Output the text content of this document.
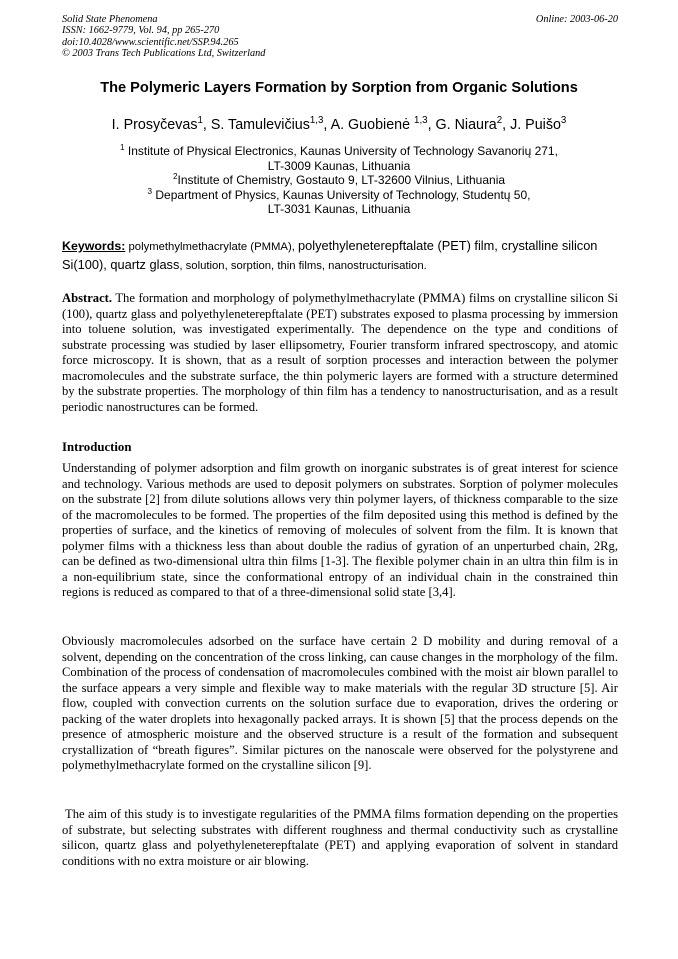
Solid State Phenomena
ISSN: 1662-9779, Vol. 94, pp 265-270
doi:10.4028/www.scientific.net/SSP.94.265
© 2003 Trans Tech Publications Ltd, Switzerland
Online: 2003-06-20
The Polymeric Layers Formation by Sorption from Organic Solutions
I. Prosyčevas$^1$, S. Tamulevičius$^{1,3}$, A. Guobienė $^{1,3}$, G. Niaura$^2$, J. Puišo$^3$
$^1$ Institute of Physical Electronics, Kaunas University of Technology Savanorių 271,
LT-3009 Kaunas, Lithuania
$^2$Institute of Chemistry, Gostauto 9, LT-32600 Vilnius, Lithuania
$^3$ Department of Physics, Kaunas University of Technology, Studentų 50,
LT-3031 Kaunas, Lithuania
Keywords: polymethylmethacrylate (PMMA), polyethyleneterepftalate (PET) film, crystalline silicon Si(100), quartz glass, solution, sorption, thin films, nanostructurisation.
Abstract. The formation and morphology of polymethylmethacrylate (PMMA) films on crystalline silicon Si (100), quartz glass and polyethyleneterepftalate (PET) substrates exposed to plasma processing by immersion into toluene solution, was investigated experimentally. The dependence on the type and conditions of substrate processing was studied by laser ellipsometry, Fourier transform infrared spectroscopy, and atomic force microscopy. It is shown, that as a result of sorption processes and interaction between the polymer macromolecules and the substrate surface, the thin polymeric layers are formed with a structure determined by the substrate properties. The morphology of thin film has a tendency to nanostructurisation, and as a result periodic nanostructures can be formed.
Introduction
Understanding of polymer adsorption and film growth on inorganic substrates is of great interest for science and technology. Various methods are used to deposit polymers on substrates. Sorption of polymer molecules on the substrate [2] from dilute solutions allows very thin polymer layers, of thickness comparable to the size of the macromolecules to be formed. The properties of the film deposited using this method is defined by the properties of surface, and the kinetics of removing of molecules of solvent from the film. It is known that polymer films with a thickness less than about double the radius of gyration of an unperturbed chain, 2Rg, can be defined as two-dimensional ultra thin films [1-3]. The flexible polymer chain in an ultra thin film is in a non-equilibrium state, since the conformational entropy of an individual chain in the constrained thin regions is reduced as compared to that of a three-dimensional solid state [3,4].
Obviously macromolecules adsorbed on the surface have certain 2 D mobility and during removal of a solvent, depending on the concentration of the cross linking, can cause changes in the morphology of the film. Combination of the process of condensation of macromolecules combined with the moist air blown parallel to the surface appears a very simple and flexible way to make materials with the regular 3D structure [5]. Air flow, coupled with convection currents on the solution surface due to evaporation, drives the ordering or packing of the water droplets into hexagonally packed arrays. It is shown [5] that the process depends on the presence of atmospheric moisture and the observed structure is a result of the formation and subsequent crystallization of “breath figures”. Similar pictures on the nanoscale were observed for the polystyrene and polymethylmethacrylate formed on the crystalline silicon [9].
The aim of this study is to investigate regularities of the PMMA films formation depending on the properties of substrate, but selecting substrates with different roughness and thermal conductivity such as crystalline silicon, quartz glass and polyethyleneterepftalate (PET) and applying evaporation of solvent in standard conditions with no extra moisture or air blowing.
